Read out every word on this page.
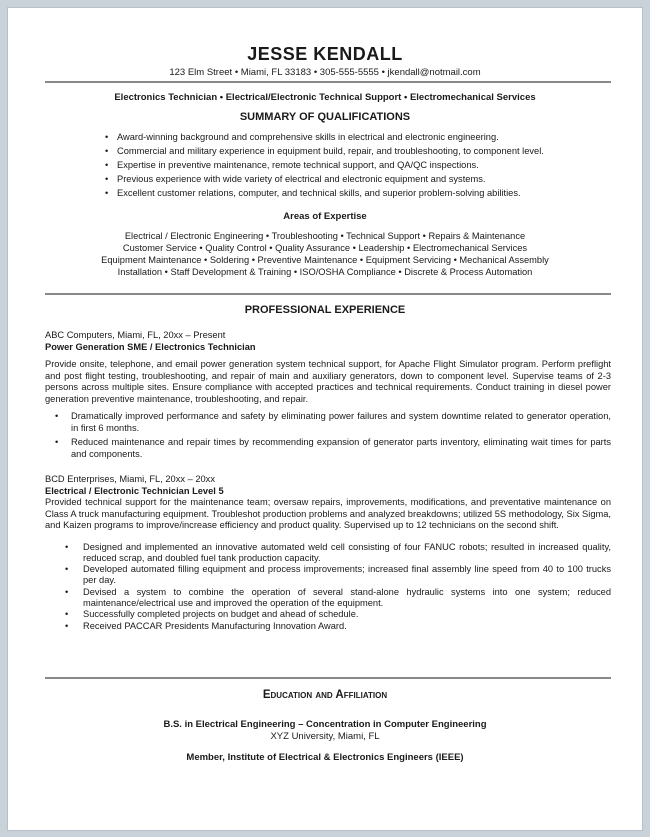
JESSE KENDALL
123 Elm Street • Miami, FL 33183 • 305-555-5555 • jkendall@notmail.com
Electronics Technician • Electrical/Electronic Technical Support • Electromechanical Services
SUMMARY OF QUALIFICATIONS
• Award-winning background and comprehensive skills in electrical and electronic engineering.
• Commercial and military experience in equipment build, repair, and troubleshooting, to component level.
• Expertise in preventive maintenance, remote technical support, and QA/QC inspections.
• Previous experience with wide variety of electrical and electronic equipment and systems.
• Excellent customer relations, computer, and technical skills, and superior problem-solving abilities.
Areas of Expertise
Electrical / Electronic Engineering • Troubleshooting • Technical Support • Repairs & Maintenance
Customer Service • Quality Control • Quality Assurance • Leadership • Electromechanical Services
Equipment Maintenance • Soldering • Preventive Maintenance • Equipment Servicing • Mechanical Assembly
Installation • Staff Development & Training • ISO/OSHA Compliance • Discrete & Process Automation
PROFESSIONAL EXPERIENCE
ABC Computers, Miami, FL, 20xx – Present
Power Generation SME / Electronics Technician

Provide onsite, telephone, and email power generation system technical support, for Apache Flight Simulator program. Perform preflight and post flight testing, troubleshooting, and repair of main and auxiliary generators, down to component level. Supervise teams of 2-3 persons across multiple sites. Ensure compliance with accepted practices and technical requirements. Conduct training in diesel power generation preventive maintenance, troubleshooting, and repair.

• Dramatically improved performance and safety by eliminating power failures and system downtime related to generator operation, in first 6 months.
• Reduced maintenance and repair times by recommending expansion of generator parts inventory, eliminating wait times for parts and components.
BCD Enterprises, Miami, FL, 20xx – 20xx
Electrical / Electronic Technician Level 5

Provided technical support for the maintenance team; oversaw repairs, improvements, modifications, and preventative maintenance on Class A truck manufacturing equipment. Troubleshot production problems and analyzed breakdowns; utilized 5S methodology, Six Sigma, and Kaizen programs to improve/increase efficiency and product quality. Supervised up to 12 technicians on the second shift.

• Designed and implemented an innovative automated weld cell consisting of four FANUC robots; resulted in increased quality, reduced scrap, and doubled fuel tank production capacity.
• Developed automated filling equipment and process improvements; increased final assembly line speed from 40 to 100 trucks per day.
• Devised a system to combine the operation of several stand-alone hydraulic systems into one system; reduced maintenance/electrical use and improved the operation of the equipment.
• Successfully completed projects on budget and ahead of schedule.
• Received PACCAR Presidents Manufacturing Innovation Award.
Education and Affiliation
B.S. in Electrical Engineering – Concentration in Computer Engineering
XYZ University, Miami, FL
Member, Institute of Electrical & Electronics Engineers (IEEE)
